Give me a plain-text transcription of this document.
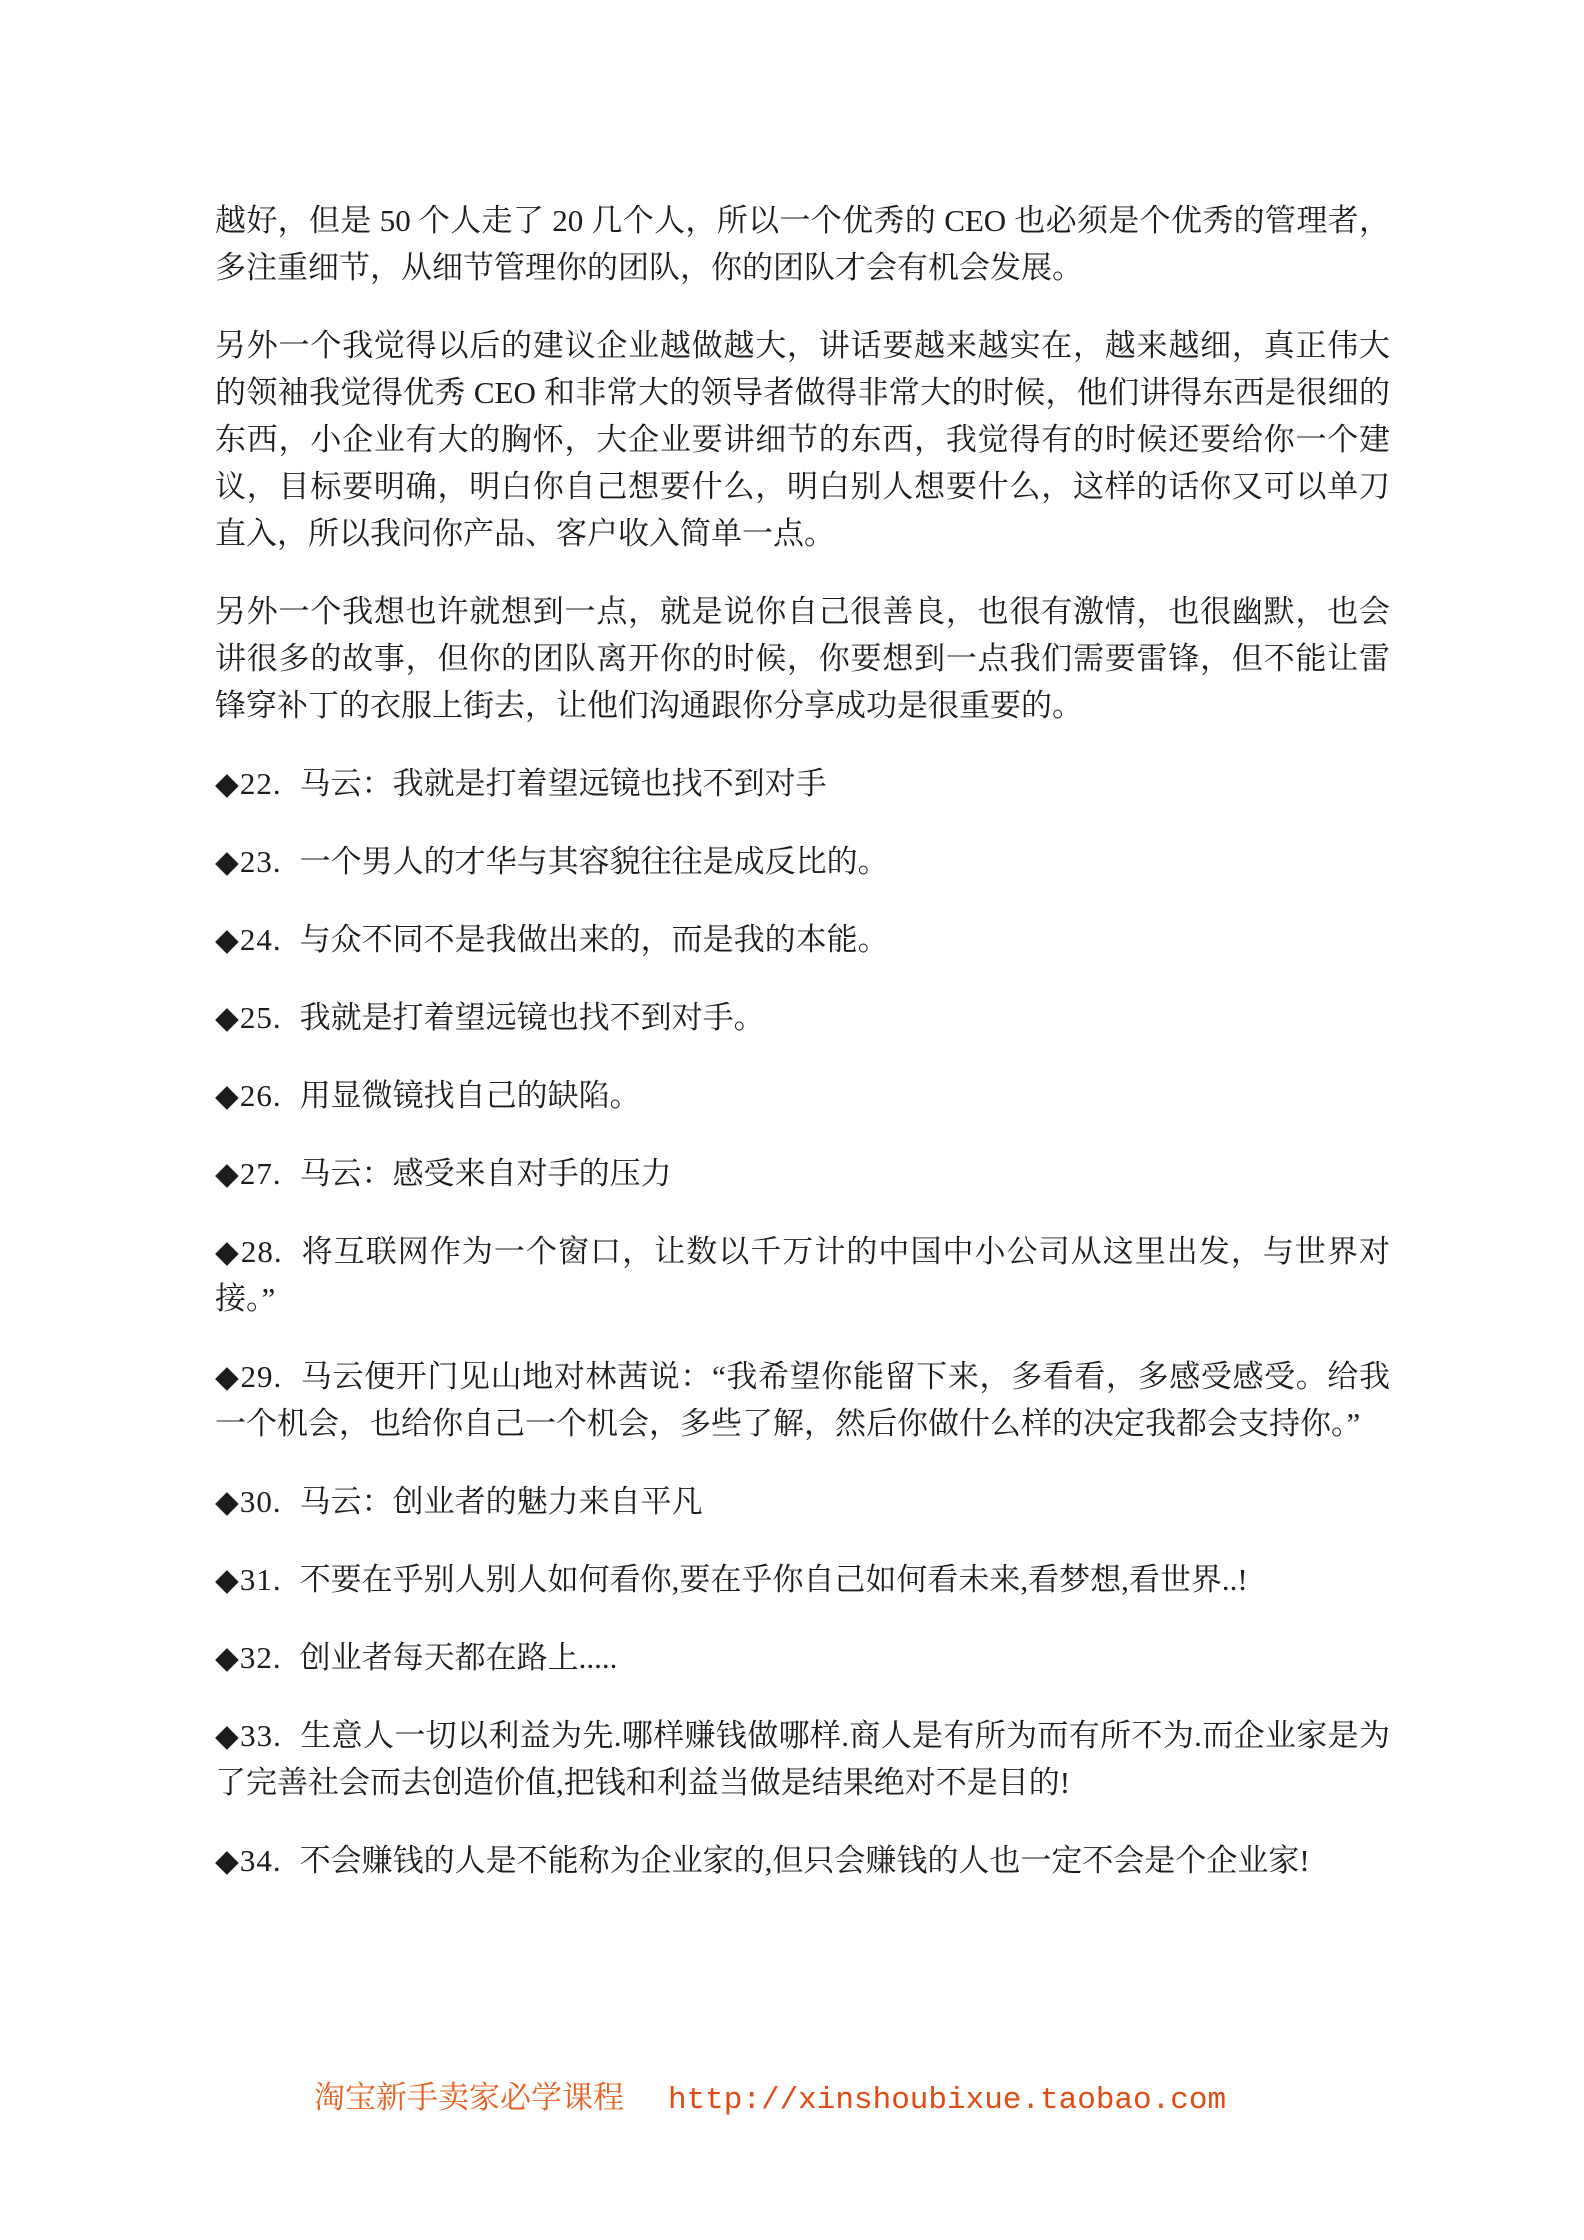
越好，但是 50 个人走了 20 几个人，所以一个优秀的 CEO 也必须是个优秀的管理者，多注重细节，从细节管理你的团队，你的团队才会有机会发展。

另外一个我觉得以后的建议企业越做越大，讲话要越来越实在，越来越细，真正伟大的领袖我觉得优秀 CEO 和非常大的领导者做得非常大的时候，他们讲得东西是很细的东西，小企业有大的胸怀，大企业要讲细节的东西，我觉得有的时候还要给你一个建议，目标要明确，明白你自己想要什么，明白别人想要什么，这样的话你又可以单刀直入，所以我问你产品、客户收入简单一点。

另外一个我想也许就想到一点，就是说你自己很善良，也很有激情，也很幽默，也会讲很多的故事，但你的团队离开你的时候，你要想到一点我们需要雷锋，但不能让雷锋穿补丁的衣服上街去，让他们沟通跟你分享成功是很重要的。

◆22. 马云：我就是打着望远镜也找不到对手

◆23. 一个男人的才华与其容貌往往是成反比的。

◆24. 与众不同不是我做出来的，而是我的本能。

◆25. 我就是打着望远镜也找不到对手。

◆26. 用显微镜找自己的缺陷。

◆27. 马云：感受来自对手的压力

◆28. 将互联网作为一个窗口，让数以千万计的中国中小公司从这里出发，与世界对接。”

◆29. 马云便开门见山地对林茜说：“我希望你能留下来，多看看，多感受感受。给我一个机会，也给你自己一个机会，多些了解，然后你做什么样的决定我都会支持你。”

◆30. 马云：创业者的魅力来自平凡

◆31. 不要在乎别人别人如何看你,要在乎你自己如何看未来,看梦想,看世界..!

◆32. 创业者每天都在路上.....

◆33. 生意人一切以利益为先.哪样赚钱做哪样.商人是有所为而有所不为.而企业家是为了完善社会而去创造价值,把钱和利益当做是结果绝对不是目的!

◆34. 不会赚钱的人是不能称为企业家的,但只会赚钱的人也一定不会是个企业家!

淘宝新手卖家必学课程 http://xinshoubixue.taobao.com
